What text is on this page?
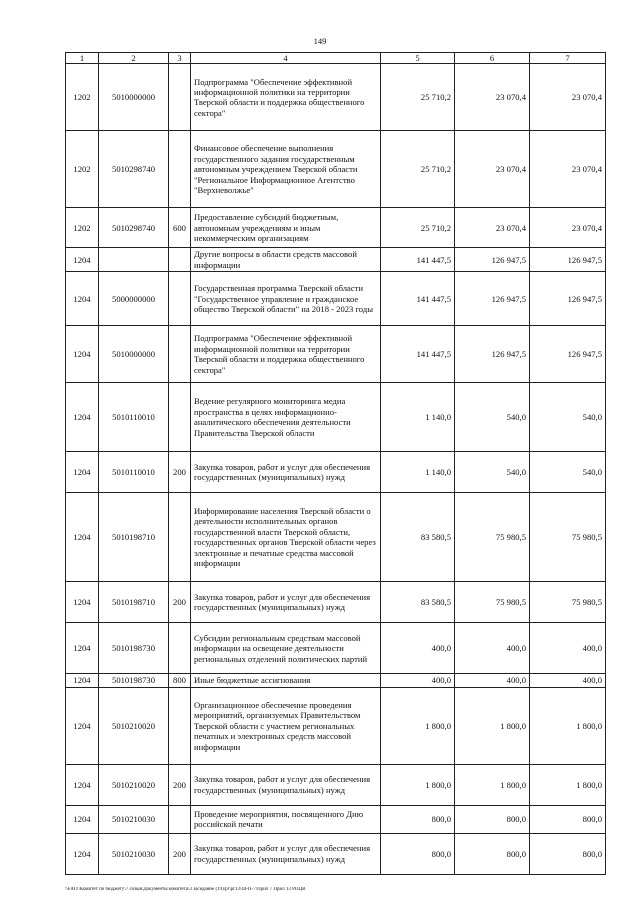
149
1	2	3	4	5	6	7
1202	5010000000		Подпрограмма "Обеспечение эффективной информационной политики на территории Тверской области и поддержка общественного сектора"	25 710,2	23 070,4	23 070,4
1202	5010298740		Финансовое обеспечение выполнения государственного задания государственным автономным учреждением Тверской области "Региональное Информационное Агентство "Верхневолжье"	25 710,2	23 070,4	23 070,4
1202	5010298740	600	Предоставление субсидий бюджетным, автономным учреждениям и иным некоммерческим организациям	25 710,2	23 070,4	23 070,4
1204			Другие вопросы в области средств массовой информации	141 447,5	126 947,5	126 947,5
1204	5000000000		Государственная программа Тверской области "Государственное управление и гражданское общество Тверской области" на 2018 - 2023 годы	141 447,5	126 947,5	126 947,5
1204	5010000000		Подпрограмма "Обеспечение эффективной информационной политики на территории Тверской области и поддержка общественного сектора"	141 447,5	126 947,5	126 947,5
1204	5010110010		Ведение регулярного мониторинга медиа пространства в целях информационно-аналитического обеспечения деятельности Правительства Тверской области	1 140,0	540,0	540,0
1204	5010110010	200	Закупка товаров, работ и услуг для обеспечения государственных (муниципальных) нужд	1 140,0	540,0	540,0
1204	5010198710		Информирование населения Тверской области о деятельности исполнительных органов государственной власти Тверской области, государственных органов Тверской области через электронные и печатные средства массовой информации	83 580,5	75 980,5	75 980,5
1204	5010198710	200	Закупка товаров, работ и услуг для обеспечения государственных (муниципальных) нужд	83 580,5	75 980,5	75 980,5
1204	5010198730		Субсидии региональным средствам массовой информации на освещение деятельности региональных отделений политических партий	400,0	400,0	400,0
1204	5010198730	800	Иные бюджетные ассигнования	400,0	400,0	400,0
1204	5010210020		Организационное обеспечение проведения мероприятий, организуемых Правительством Тверской области с участием региональных печатных и электронных средств массовой информации	1 800,0	1 800,0	1 800,0
1204	5010210020	200	Закупка товаров, работ и услуг для обеспечения государственных (муниципальных) нужд	1 800,0	1 800,0	1 800,0
1204	5010210030		Проведение мероприятия, посвященного Дню российской печати	800,0	800,0	800,0
1204	5010210030	200	Закупка товаров, работ и услуг для обеспечения государственных (муниципальных) нужд	800,0	800,0	800,0
\\FAIT\Комитет по бюджету\7 созыв\Документы комитета\3 заседание (19)\pr\pr13\44-П-7\Прил 7 Прил 13 РПЦВ
